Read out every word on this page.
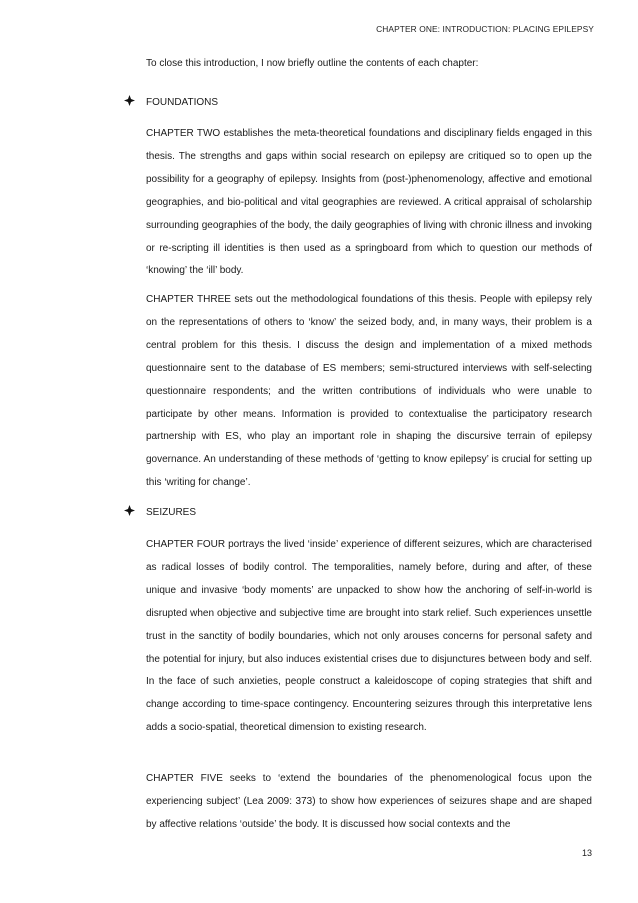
CHAPTER ONE: INTRODUCTION: PLACING EPILEPSY
To close this introduction, I now briefly outline the contents of each chapter:
FOUNDATIONS

CHAPTER TWO establishes the meta-theoretical foundations and disciplinary fields engaged in this thesis. The strengths and gaps within social research on epilepsy are critiqued so to open up the possibility for a geography of epilepsy. Insights from (post-)phenomenology, affective and emotional geographies, and bio-political and vital geographies are reviewed. A critical appraisal of scholarship surrounding geographies of the body, the daily geographies of living with chronic illness and invoking or re-scripting ill identities is then used as a springboard from which to question our methods of ‘knowing’ the ‘ill’ body.

CHAPTER THREE sets out the methodological foundations of this thesis. People with epilepsy rely on the representations of others to ‘know’ the seized body, and, in many ways, their problem is a central problem for this thesis. I discuss the design and implementation of a mixed methods questionnaire sent to the database of ES members; semi-structured interviews with self-selecting questionnaire respondents; and the written contributions of individuals who were unable to participate by other means. Information is provided to contextualise the participatory research partnership with ES, who play an important role in shaping the discursive terrain of epilepsy governance. An understanding of these methods of ‘getting to know epilepsy’ is crucial for setting up this ‘writing for change’.

SEIZURES

CHAPTER FOUR portrays the lived ‘inside’ experience of different seizures, which are characterised as radical losses of bodily control. The temporalities, namely before, during and after, of these unique and invasive ‘body moments’ are unpacked to show how the anchoring of self-in-world is disrupted when objective and subjective time are brought into stark relief. Such experiences unsettle trust in the sanctity of bodily boundaries, which not only arouses concerns for personal safety and the potential for injury, but also induces existential crises due to disjunctures between body and self. In the face of such anxieties, people construct a kaleidoscope of coping strategies that shift and change according to time-space contingency. Encountering seizures through this interpretative lens adds a socio-spatial, theoretical dimension to existing research.

CHAPTER FIVE seeks to ‘extend the boundaries of the phenomenological focus upon the experiencing subject’ (Lea 2009: 373) to show how experiences of seizures shape and are shaped by affective relations ‘outside’ the body. It is discussed how social contexts and the

13
